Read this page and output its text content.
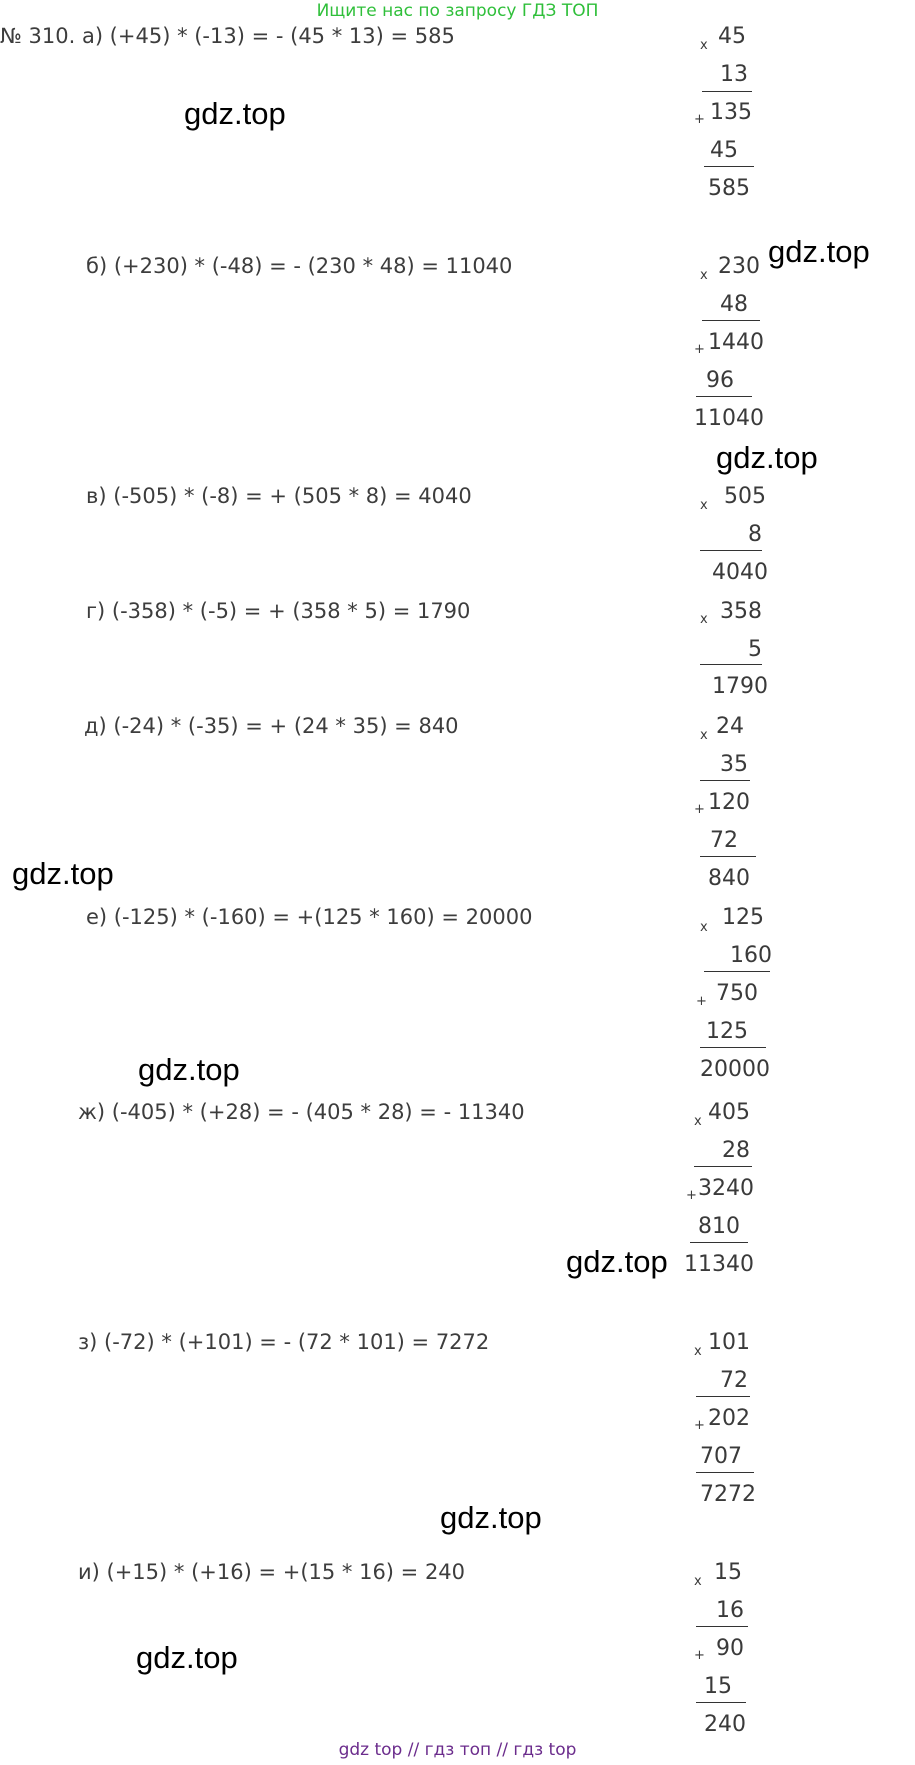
Ищите нас по запросу ГДЗ ТОП
№ 310. а) (+45) * (-13) = - (45 * 13) = 585
б) (+230) * (-48) = - (230 * 48) = 11040
в) (-505) * (-8) = + (505 * 8) = 4040
г) (-358) * (-5) = + (358 * 5) = 1790
д) (-24) * (-35) = + (24 * 35) = 840
е) (-125) * (-160) = +(125 * 160) = 20000
ж) (-405) * (+28) = - (405 * 28) = - 11340
з) (-72) * (+101) = - (72 * 101) = 7272
и) (+15) * (+16) = +(15 * 16) = 240
x 45
13
+ 135
45
585
x 230
48
+ 1440
96
11040
x 505
8
4040
x 358
5
1790
x 24
35
+ 120
72
840
x 125
160
+ 750
125
20000
x 405
28
+ 3240
810
11340
x 101
72
+ 202
707
7272
x 15
16
+ 90
15
240
gdz.top
gdz.top
gdz.top
gdz.top
gdz.top
gdz.top
gdz.top
gdz.top
gdz top // гдз топ // гдз top
